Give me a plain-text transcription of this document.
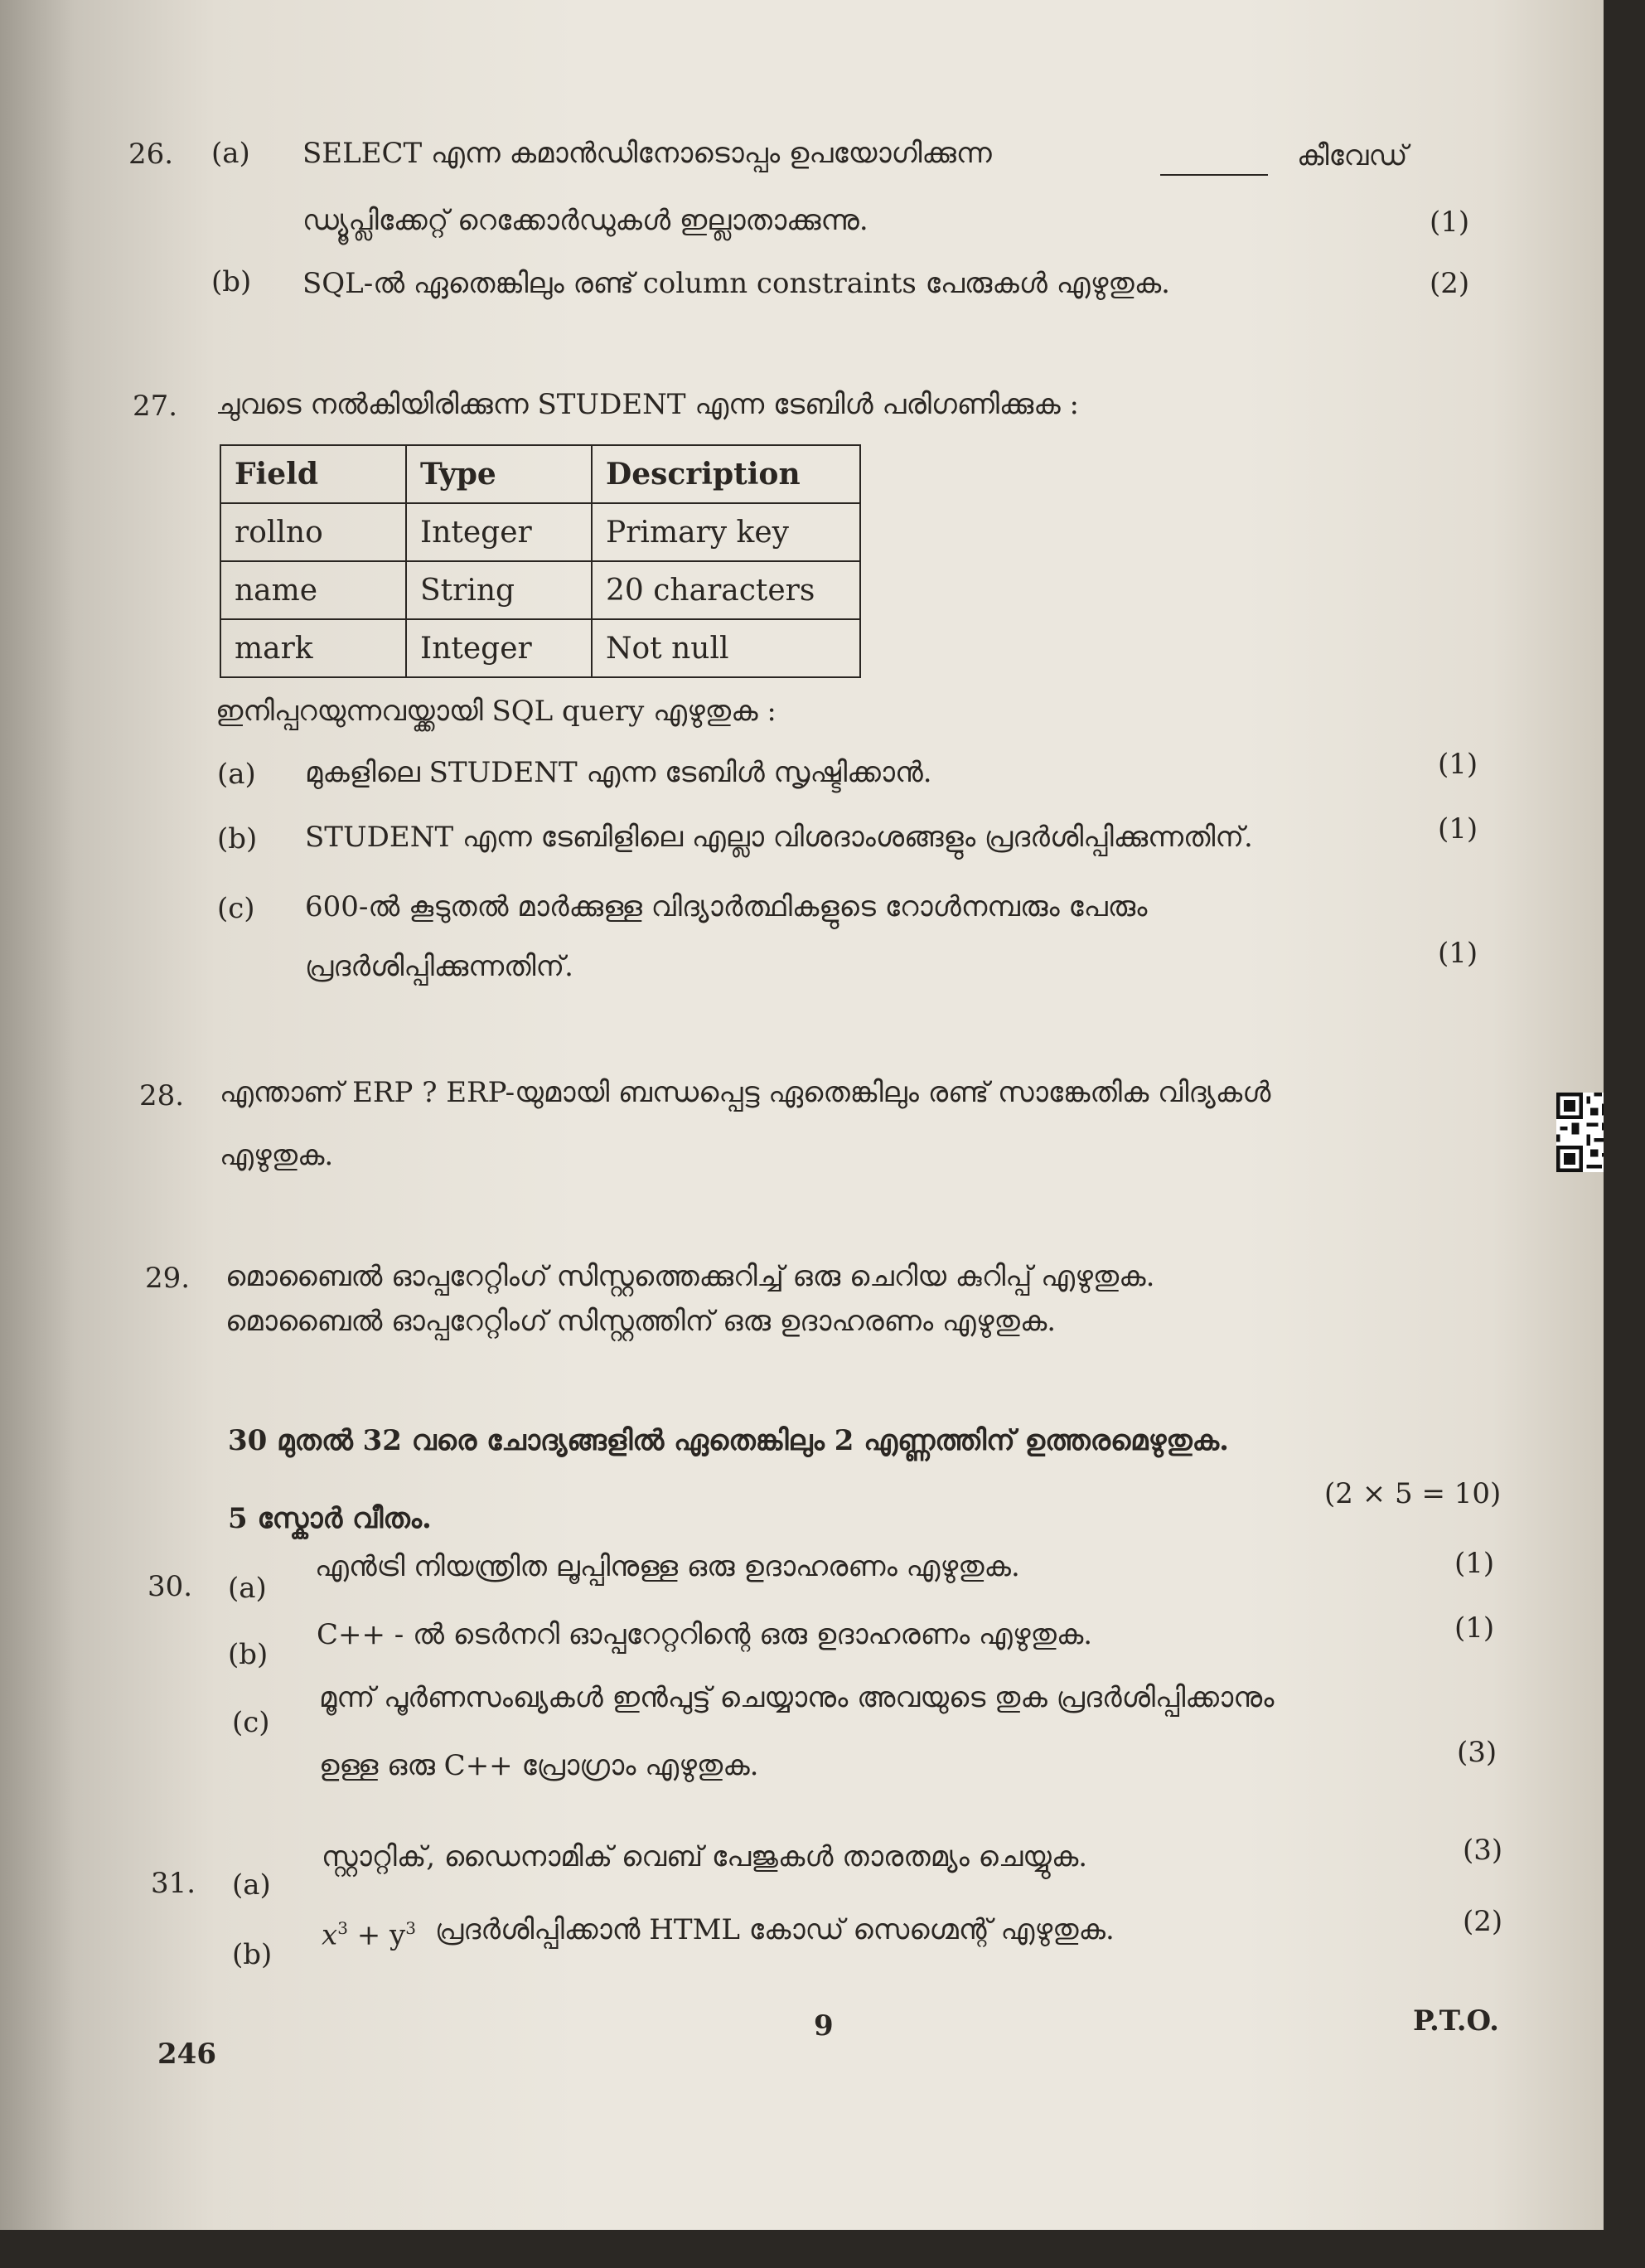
26. (a) SELECT എന്ന കമാൻഡിനോടൊപ്പം ഉപയോഗിക്കുന്ന	കീവേഡ്
ഡ്യൂപ്ലിക്കേറ്റ് റെക്കോർഡുകൾ ഇല്ലാതാക്കുന്നു.	(1)
(b) SQL-ൽ ഏതെങ്കിലും രണ്ട് column constraints പേരുകൾ എഴുതുക.	(2)
27. ചുവടെ നൽകിയിരിക്കുന്ന STUDENT എന്ന ടേബിൾ പരിഗണിക്കുക :
Field	Type	Description
rollno	Integer	Primary key
name	String	20 characters
mark	Integer	Not null
ഇനിപ്പറയുന്നവയ്ക്കായി SQL query എഴുതുക :
(a) മുകളിലെ STUDENT എന്ന ടേബിൾ സൃഷ്ടിക്കാൻ.	(1)
(b) STUDENT എന്ന ടേബിളിലെ എല്ലാ വിശദാംശങ്ങളും പ്രദർശിപ്പിക്കുന്നതിന്.	(1)
(c) 600-ൽ കൂടുതൽ മാർക്കുള്ള വിദ്യാർത്ഥികളുടെ റോൾനമ്പരും പേരും
പ്രദർശിപ്പിക്കുന്നതിന്.	(1)
28. എന്താണ് ERP ? ERP-യുമായി ബന്ധപ്പെട്ട ഏതെങ്കിലും രണ്ട് സാങ്കേതിക വിദ്യകൾ
എഴുതുക.
29. മൊബൈൽ ഓപ്പറേറ്റിംഗ് സിസ്റ്റത്തെക്കുറിച്ച് ഒരു ചെറിയ കുറിപ്പ് എഴുതുക.
മൊബൈൽ ഓപ്പറേറ്റിംഗ് സിസ്റ്റത്തിന് ഒരു ഉദാഹരണം എഴുതുക.
30 മുതൽ 32 വരെ ചോദ്യങ്ങളിൽ ഏതെങ്കിലും 2 എണ്ണത്തിന് ഉത്തരമെഴുതുക.
(2 × 5 = 10)
5 സ്കോർ വീതം.
30. (a)
എൻട്രി നിയന്ത്രിത ലൂപ്പിനുള്ള ഒരു ഉദാഹരണം എഴുതുക.	(1)
(b)
C++ - ൽ ടെർനറി ഓപ്പറേറ്ററിന്റെ ഒരു ഉദാഹരണം എഴുതുക.	(1)
(c)
മൂന്ന് പൂർണസംഖ്യകൾ ഇൻപുട്ട് ചെയ്യാനും അവയുടെ തുക പ്രദർശിപ്പിക്കാനും
ഉള്ള ഒരു C++ പ്രോഗ്രാം എഴുതുക.	(3)
31. (a)
സ്റ്റാറ്റിക്, ഡൈനാമിക് വെബ് പേജുകൾ താരതമ്യം ചെയ്യുക.	(3)
(b)
$x^3 + y^3$ പ്രദർശിപ്പിക്കാൻ HTML കോഡ് സെഗ്മെന്റ് എഴുതുക.	(2)
246
9	P.T.O.
